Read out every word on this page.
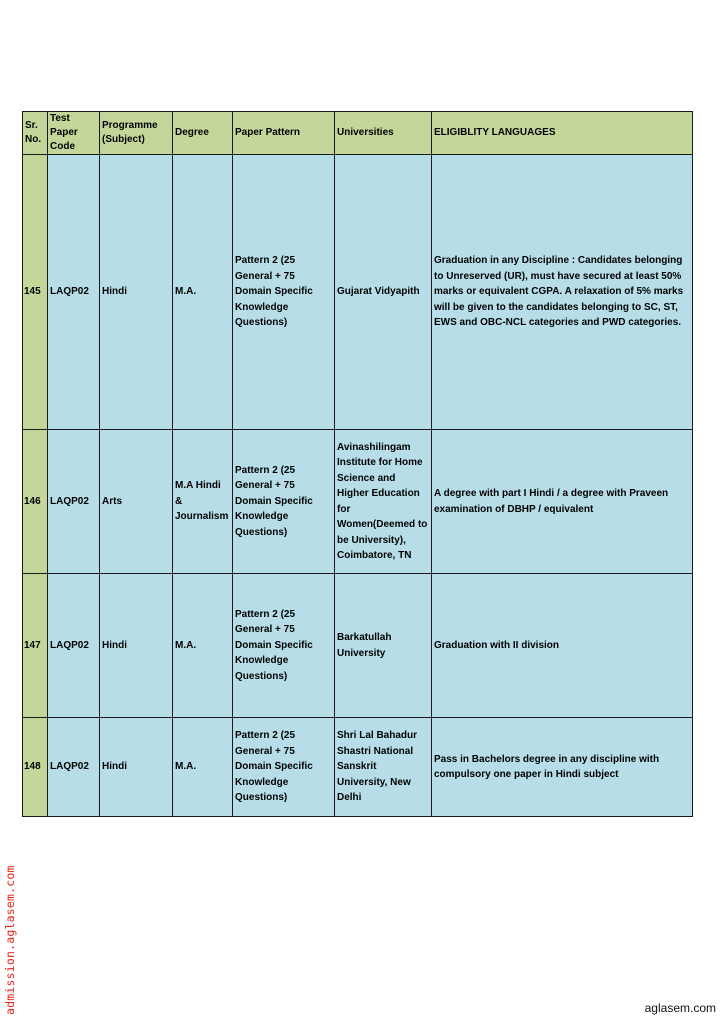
Sr. No.	Test Paper Code	Programme (Subject)	Degree	Paper Pattern	Universities	ELIGIBLITY LANGUAGES
145	LAQP02	Hindi	M.A.	Pattern 2 (25 General + 75 Domain Specific Knowledge Questions)	Gujarat Vidyapith	Graduation in any Discipline : Candidates belonging to Unreserved (UR), must have secured at least 50% marks or equivalent CGPA. A relaxation of 5% marks will be given to the candidates belonging to SC, ST, EWS and OBC-NCL categories and PWD categories.
146	LAQP02	Arts	M.A Hindi & Journalism	Pattern 2 (25 General + 75 Domain Specific Knowledge Questions)	Avinashilingam Institute for Home Science and Higher Education for Women(Deemed to be University), Coimbatore, TN	A degree with part I Hindi / a degree with Praveen examination of DBHP / equivalent
147	LAQP02	Hindi	M.A.	Pattern 2 (25 General + 75 Domain Specific Knowledge Questions)	Barkatullah University	Graduation with II division
148	LAQP02	Hindi	M.A.	Pattern 2 (25 General + 75 Domain Specific Knowledge Questions)	Shri Lal Bahadur Shastri National Sanskrit University, New Delhi	Pass in Bachelors degree in any discipline with compulsory one paper in Hindi subject
admission.aglasem.com	aglasem.com
